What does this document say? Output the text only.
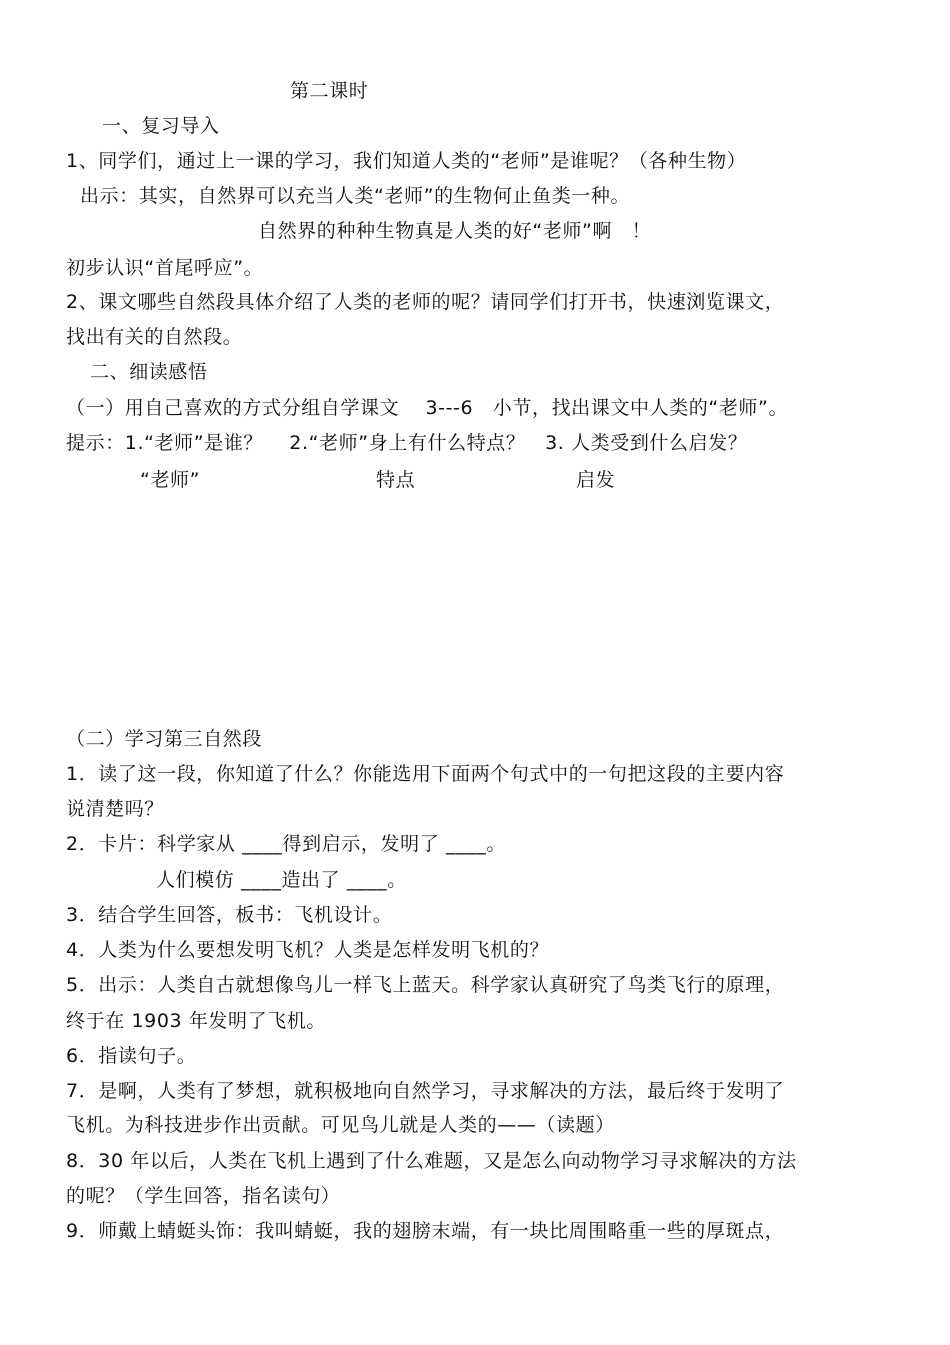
第二课时
一、复习导入
1、同学们，通过上一课的学习，我们知道人类的“老师”是谁呢？（各种生物）
出示：其实，自然界可以充当人类“老师”的生物何止鱼类一种。
自然界的种种生物真是人类的好“老师”啊　！
初步认识“首尾呼应”。
2、课文哪些自然段具体介绍了人类的老师的呢？请同学们打开书，快速浏览课文，
找出有关的自然段。
二、细读感悟
（一）用自己喜欢的方式分组自学课文　 3---6　小节，找出课文中人类的“老师”。
提示：1.“老师”是谁？　 2.“老师”身上有什么特点？　3. 人类受到什么启发？
“老师”	特点	启发
（二）学习第三自然段
1．读了这一段，你知道了什么？你能选用下面两个句式中的一句把这段的主要内容
说清楚吗？
2．卡片：科学家从 ____得到启示，发明了 ____。
人们模仿 ____造出了 ____。
3．结合学生回答，板书：飞机设计。
4．人类为什么要想发明飞机？人类是怎样发明飞机的？
5．出示：人类自古就想像鸟儿一样飞上蓝天。科学家认真研究了鸟类飞行的原理，
终于在 1903 年发明了飞机。
6．指读句子。
7．是啊，人类有了梦想，就积极地向自然学习，寻求解决的方法，最后终于发明了
飞机。为科技进步作出贡献。可见鸟儿就是人类的——（读题）
8．30 年以后，人类在飞机上遇到了什么难题，又是怎么向动物学习寻求解决的方法
的呢？（学生回答，指名读句）
9．师戴上蜻蜓头饰：我叫蜻蜓，我的翅膀末端，有一块比周围略重一些的厚斑点，
